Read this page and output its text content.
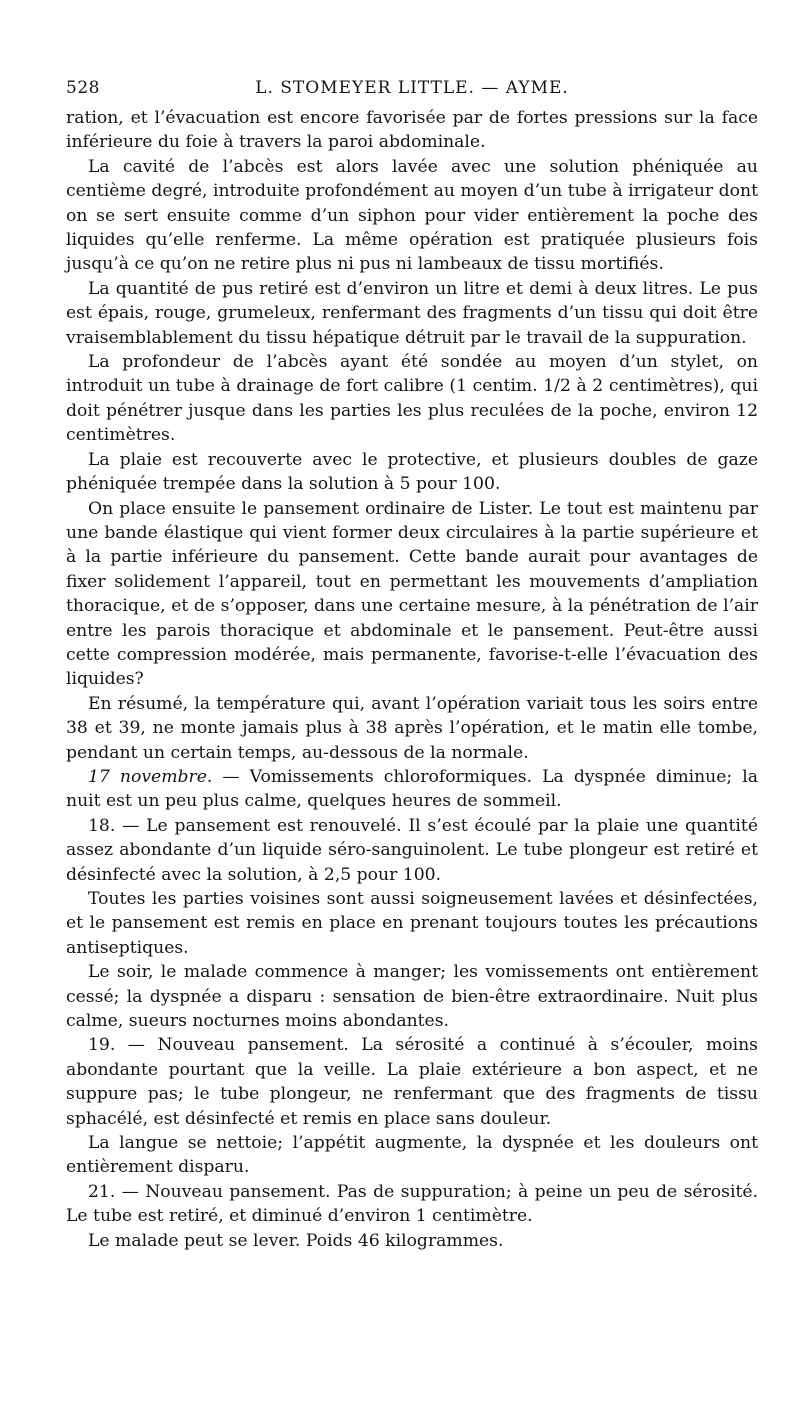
528	L. STOMEYER LITTLE. — AYME.

ration, et l’évacuation est encore favorisée par de fortes pressions sur la face inférieure du foie à travers la paroi abdominale.

La cavité de l’abcès est alors lavée avec une solution phéniquée au centième degré, introduite profondément au moyen d’un tube à irrigateur dont on se sert ensuite comme d’un siphon pour vider entièrement la poche des liquides qu’elle renferme. La même opération est pratiquée plusieurs fois jusqu’à ce qu’on ne retire plus ni pus ni lambeaux de tissu mortifiés.

La quantité de pus retiré est d’environ un litre et demi à deux litres. Le pus est épais, rouge, grumeleux, renfermant des fragments d’un tissu qui doit être vraisemblablement du tissu hépatique détruit par le travail de la suppuration.

La profondeur de l’abcès ayant été sondée au moyen d’un stylet, on introduit un tube à drainage de fort calibre (1 centim. 1/2 à 2 centimètres), qui doit pénétrer jusque dans les parties les plus reculées de la poche, environ 12 centimètres.

La plaie est recouverte avec le protective, et plusieurs doubles de gaze phéniquée trempée dans la solution à 5 pour 100.

On place ensuite le pansement ordinaire de Lister. Le tout est maintenu par une bande élastique qui vient former deux circulaires à la partie supérieure et à la partie inférieure du pansement. Cette bande aurait pour avantages de fixer solidement l’appareil, tout en permettant les mouvements d’ampliation thoracique, et de s’opposer, dans une certaine mesure, à la pénétration de l’air entre les parois thoracique et abdominale et le pansement. Peut-être aussi cette compression modérée, mais permanente, favorise-t-elle l’évacuation des liquides?

En résumé, la température qui, avant l’opération variait tous les soirs entre 38 et 39, ne monte jamais plus à 38 après l’opération, et le matin elle tombe, pendant un certain temps, au-dessous de la normale.

17 novembre. — Vomissements chloroformiques. La dyspnée diminue; la nuit est un peu plus calme, quelques heures de sommeil.

18. — Le pansement est renouvelé. Il s’est écoulé par la plaie une quantité assez abondante d’un liquide séro-sanguinolent. Le tube plongeur est retiré et désinfecté avec la solution, à 2,5 pour 100.

Toutes les parties voisines sont aussi soigneusement lavées et désinfectées, et le pansement est remis en place en prenant toujours toutes les précautions antiseptiques.

Le soir, le malade commence à manger; les vomissements ont entièrement cessé; la dyspnée a disparu : sensation de bien-être extraordinaire. Nuit plus calme, sueurs nocturnes moins abondantes.

19. — Nouveau pansement. La sérosité a continué à s’écouler, moins abondante pourtant que la veille. La plaie extérieure a bon aspect, et ne suppure pas; le tube plongeur, ne renfermant que des fragments de tissu sphacélé, est désinfecté et remis en place sans douleur.

La langue se nettoie; l’appétit augmente, la dyspnée et les douleurs ont entièrement disparu.

21. — Nouveau pansement. Pas de suppuration; à peine un peu de sérosité. Le tube est retiré, et diminué d’environ 1 centimètre.

Le malade peut se lever. Poids 46 kilogrammes.
